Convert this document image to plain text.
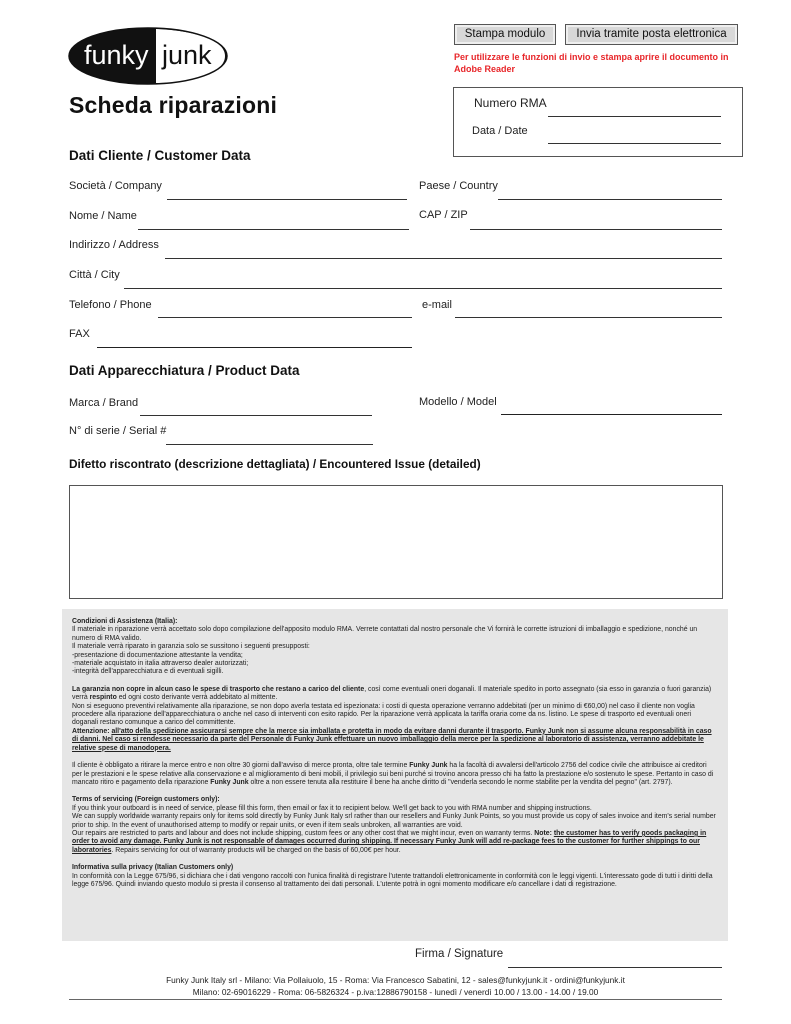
funky junk
Scheda riparazioni
Stampa modulo	Invia tramite posta elettronica
Per utilizzare le funzioni di invio e stampa aprire il documento in Adobe Reader
Numero RMA
Data / Date
Dati Cliente / Customer Data
Società / Company	Paese / Country
Nome / Name	CAP / ZIP
Indirizzo / Address
Città / City
Telefono / Phone	e-mail
FAX
Dati Apparecchiatura / Product Data
Marca / Brand	Modello / Model
N° di serie / Serial #
Difetto riscontrato (descrizione dettagliata) / Encountered Issue (detailed)

Condizioni di Assistenza (Italia):
Il materiale in riparazione verrà accettato solo dopo compilazione dell'apposito modulo RMA. Verrete contattati dal nostro personale che Vi fornirà le corrette istruzioni di imballaggio e spedizione, nonché un numero di RMA valido.
Il materiale verrà riparato in garanzia solo se sussitono i seguenti presupposti:
-presentazione di documentazione attestante la vendita;
-materiale acquistato in italia attraverso dealer autorizzati;
-integrità dell'apparecchiatura e di eventuali sigilli.

La garanzia non copre in alcun caso le spese di trasporto che restano a carico del cliente, così come eventuali oneri doganali. Il materiale spedito in porto assegnato (sia esso in garanzia o fuori garanzia) verrà respinto ed ogni costo derivante verrà addebitato al mittente.
Non si eseguono preventivi relativamente alla riparazione, se non dopo averla testata ed ispezionata: i costi di questa operazione verranno addebitati (per un minimo di €60,00) nel caso il cliente non voglia procedere alla riparazione dell'apparecchiatura o anche nel caso di interventi con esito rapido. Per la riparazione verrà applicata la tariffa oraria come da ns. listino. Le spese di trasporto ed eventuali oneri doganali restano comunque a carico del committente.
Attenzione: all'atto della spedizione assicurarsi sempre che la merce sia imballata e protetta in modo da evitare danni durante il trasporto. Funky Junk non si assume alcuna responsabilità in caso di danni. Nel caso si rendesse necessario da parte del Personale di Funky Junk effettuare un nuovo imballaggio della merce per la spedizione al laboratorio di assistenza, verranno addebitate le relative spese di manodopera.

Il cliente è obbligato a ritirare la merce entro e non oltre 30 giorni dall'avviso di merce pronta, oltre tale termine Funky Junk ha la facoltà di avvalersi dell'articolo 2756 del codice civile che attribuisce ai creditori per le prestazioni e le spese relative alla conservazione e al miglioramento di beni mobili, il privilegio sui beni purché si trovino ancora presso chi ha fatto la prestazione e/o sostenuto le spese. Pertanto in caso di mancato ritiro e pagamento della riparazione Funky Junk oltre a non essere tenuta alla restituire il bene ha anche diritto di "venderla secondo le norme stabilite per la vendita del pegno" (art. 2797).

Terms of servicing (Foreign customers only):
If you think your outboard is in need of service, please fill this form, then email or fax it to recipient below. We'll get back to you with RMA number and shipping instructions.
We can supply worldwide warranty repairs only for items sold directly by Funky Junk Italy srl rather than our resellers and Funky Junk Points, so you must provide us copy of sales invoice and item's serial number prior to ship. In the event of unauthorised attemp to modify or repair units, or even if item seals unbroken, all warranties are void.
Our repairs are restricted to parts and labour and does not include shipping, custom fees or any other cost that we might incur, even on warranty terms. Note: the customer has to verify goods packaging in order to avoid any damage. Funky Junk is not responsable of damages occurred during shipping. If necessary Funky Junk will add re-package fees to the customer for further shippings to our laboratories. Repairs servicing for out of warranty products will be charged on the basis of 60,00€ per hour.

Informativa sulla privacy (Italian Customers only)
In conformità con la Legge 675/96, si dichiara che i dati vengono raccolti con l'unica finalità di registrare l'utente trattandoli elettronicamente in conformità con le leggi vigenti. L'interessato gode di tutti i diritti della legge 675/96. Quindi inviando questo modulo si presta il consenso al trattamento dei dati personali. L'utente potrà in ogni momento modificare e/o cancellare i dati di registrazione.

Firma / Signature
Funky Junk Italy srl - Milano: Via Pollaiuolo, 15 - Roma: Via Francesco Sabatini, 12 - sales@funkyjunk.it - ordini@funkyjunk.it
Milano: 02-69016229 - Roma: 06-5826324 - p.iva:12886790158 - lunedì / venerdì 10.00 / 13.00 - 14.00 / 19.00
